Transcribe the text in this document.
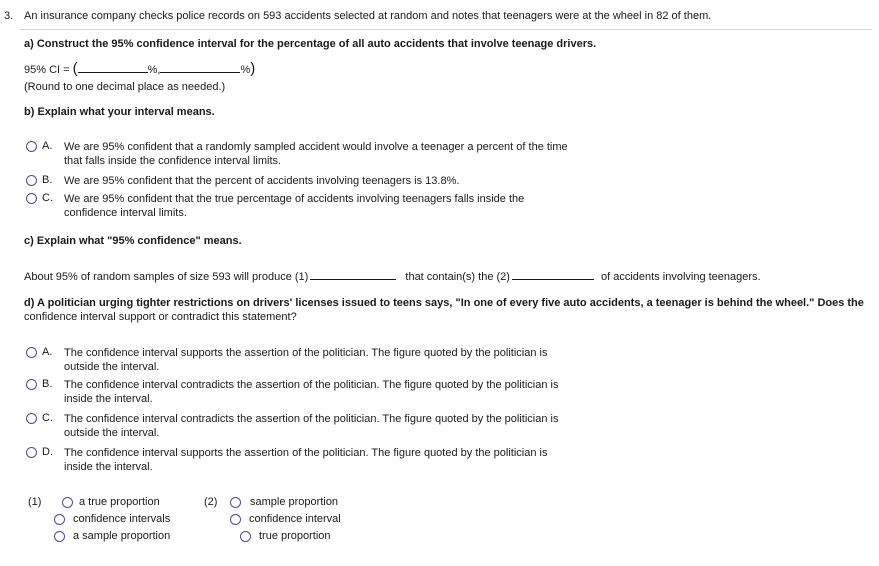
3. An insurance company checks police records on 593 accidents selected at random and notes that teenagers were at the wheel in 82 of them.
a) Construct the 95% confidence interval for the percentage of all auto accidents that involve teenage drivers.
95% CI = (	%,	%)
(Round to one decimal place as needed.)
b) Explain what your interval means.
A. We are 95% confident that a randomly sampled accident would involve a teenager a percent of the time
that falls inside the confidence interval limits.
B. We are 95% confident that the percent of accidents involving teenagers is 13.8%.
C. We are 95% confident that the true percentage of accidents involving teenagers falls inside the
confidence interval limits.
c) Explain what "95% confidence" means.
About 95% of random samples of size 593 will produce (1)	that contain(s) the (2)	of accidents involving teenagers.
d) A politician urging tighter restrictions on drivers' licenses issued to teens says, "In one of every five auto accidents, a teenager is behind the wheel." Does the
confidence interval support or contradict this statement?
A. The confidence interval supports the assertion of the politician. The figure quoted by the politician is
outside the interval.
B. The confidence interval contradicts the assertion of the politician. The figure quoted by the politician is
inside the interval.
C. The confidence interval contradicts the assertion of the politician. The figure quoted by the politician is
outside the interval.
D. The confidence interval supports the assertion of the politician. The figure quoted by the politician is
inside the interval.
(1)	a true proportion
confidence intervals
a sample proportion
(2)	sample proportion
confidence interval
true proportion
